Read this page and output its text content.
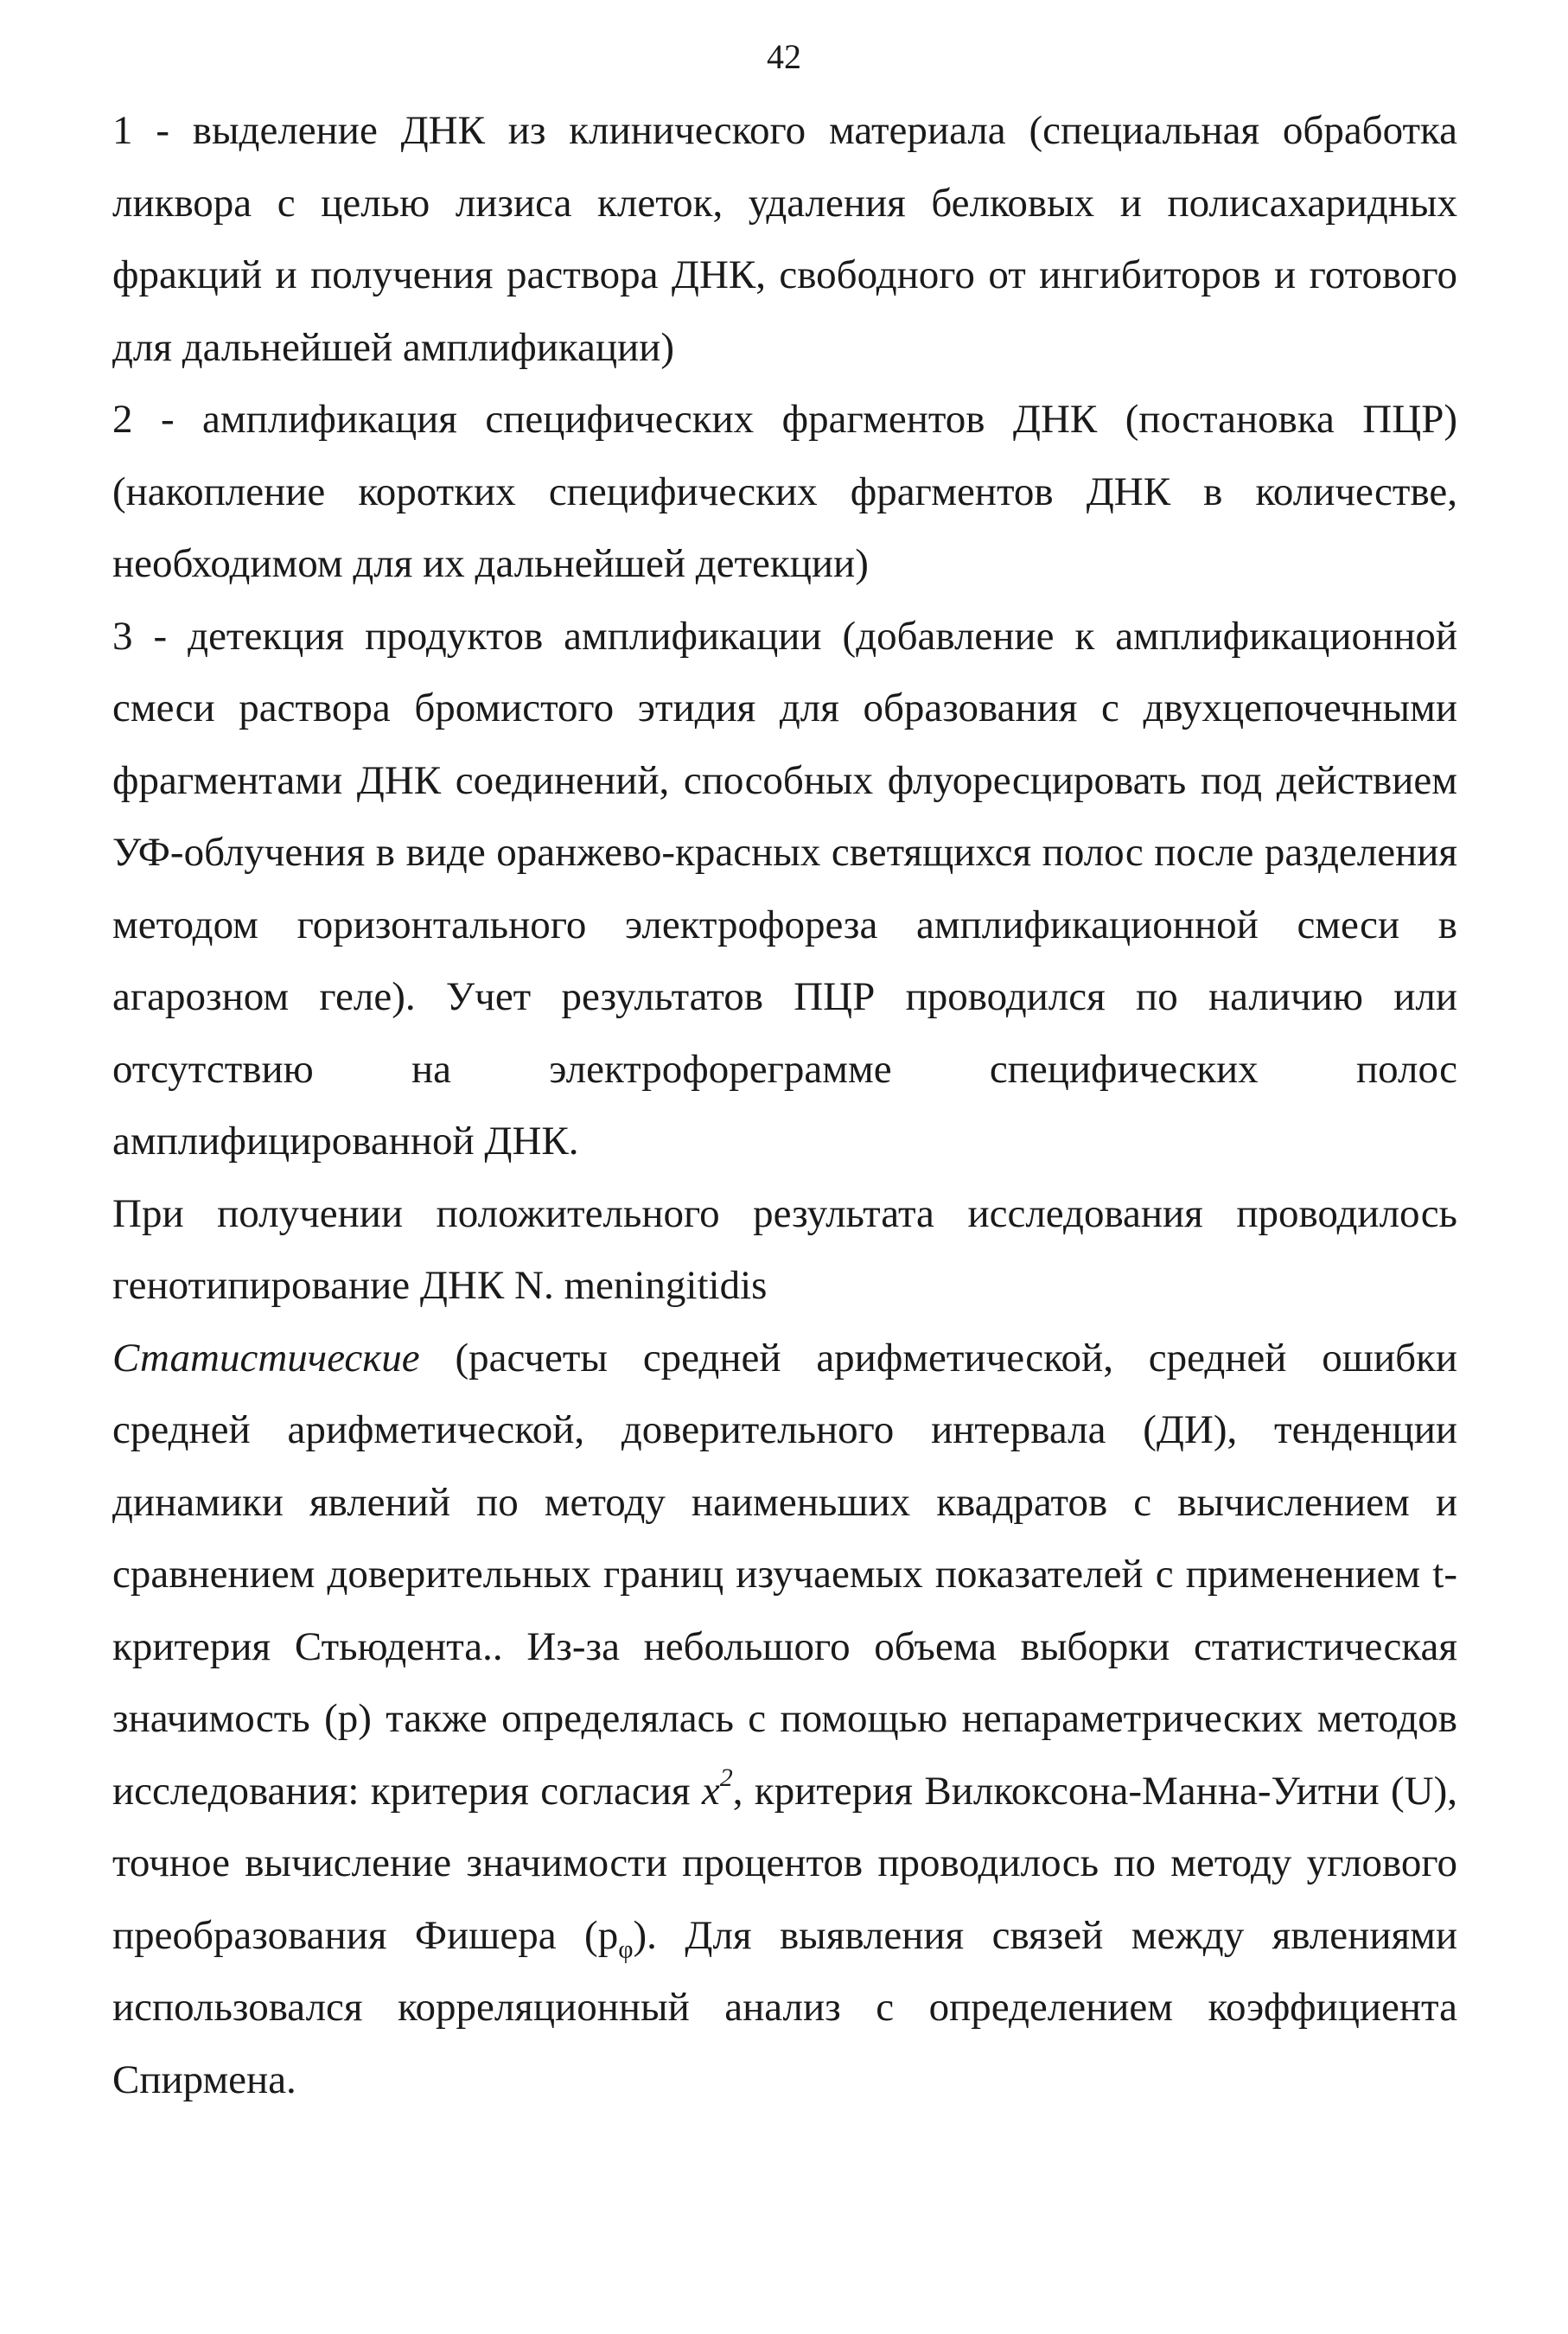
42

1 - выделение ДНК из клинического материала (специальная обработка ликвора с целью лизиса клеток, удаления белковых и полисахаридных фракций и получения раствора ДНК, свободного от ингибиторов и готового для дальнейшей амплификации)

2 - амплификация специфических фрагментов ДНК (постановка ПЦР) (накопление коротких специфических фрагментов ДНК в количестве, необходимом для их дальнейшей детекции)

3 - детекция продуктов амплификации (добавление к амплификационной смеси раствора бромистого этидия для образования с двухцепочечными фрагментами ДНК соединений, способных флуоресцировать под действием УФ-облучения в виде оранжево-красных светящихся полос после разделения методом горизонтального электрофореза амплификационной смеси в агарозном геле). Учет результатов ПЦР проводился по наличию или отсутствию на электрофореграмме специфических полос амплифицированной ДНК.

При получении положительного результата исследования проводилось генотипирование ДНК N. meningitidis

Статистические (расчеты средней арифметической, средней ошибки средней арифметической, доверительного интервала (ДИ), тенденции динамики явлений по методу наименьших квадратов с вычислением и сравнением доверительных границ изучаемых показателей с применением t-критерия Стьюдента.. Из-за небольшого объема выборки статистическая значимость (р) также определялась с помощью непараметрических методов исследования: критерия согласия $x^2$, критерия Вилкоксона-Манна-Уитни (U), точное вычисление значимости процентов проводилось по методу углового преобразования Фишера $(р_\varphi)$. Для выявления связей между явлениями использовался корреляционный анализ с определением коэффициента Спирмена.
